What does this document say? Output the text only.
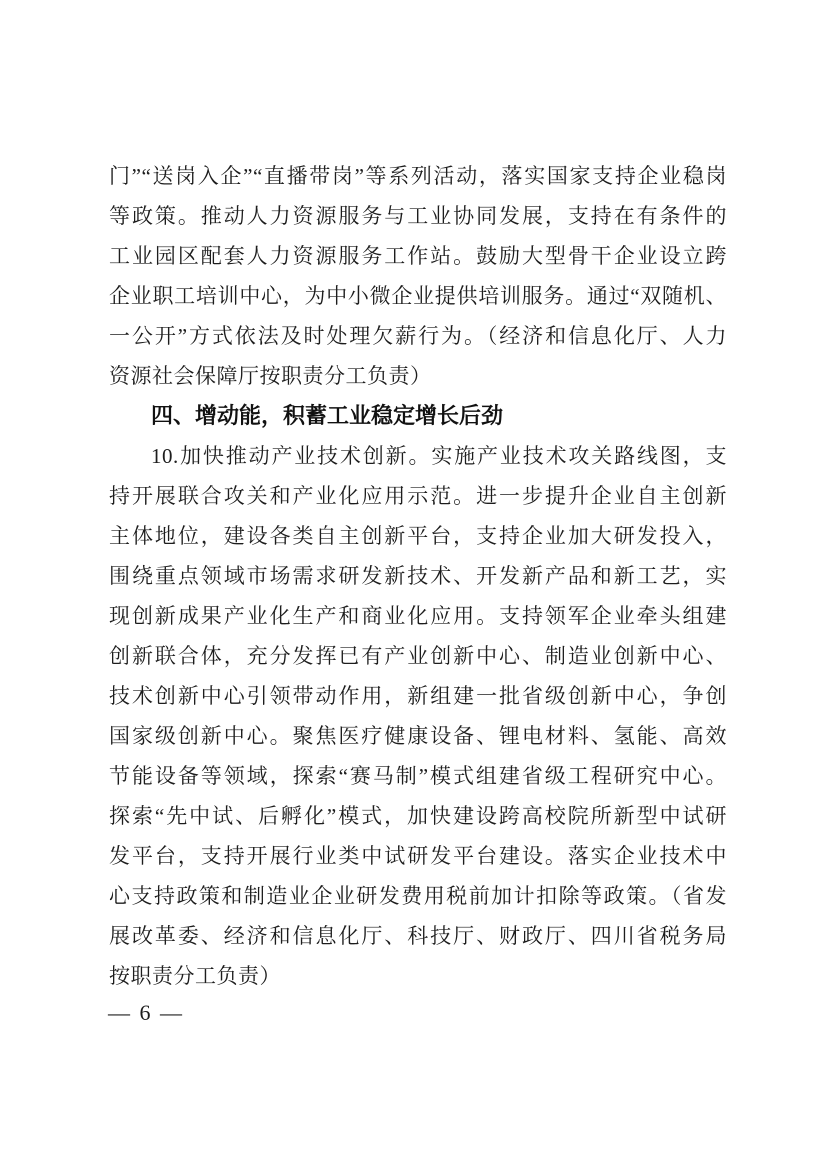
门”“送岗入企”“直播带岗”等系列活动，落实国家支持企业稳岗
等政策。推动人力资源服务与工业协同发展，支持在有条件的
工业园区配套人力资源服务工作站。鼓励大型骨干企业设立跨
企业职工培训中心，为中小微企业提供培训服务。通过“双随机、
一公开”方式依法及时处理欠薪行为。（经济和信息化厅、人力
资源社会保障厅按职责分工负责）
四、增动能，积蓄工业稳定增长后劲
10.加快推动产业技术创新。实施产业技术攻关路线图，支
持开展联合攻关和产业化应用示范。进一步提升企业自主创新
主体地位，建设各类自主创新平台，支持企业加大研发投入，
围绕重点领域市场需求研发新技术、开发新产品和新工艺，实
现创新成果产业化生产和商业化应用。支持领军企业牵头组建
创新联合体，充分发挥已有产业创新中心、制造业创新中心、
技术创新中心引领带动作用，新组建一批省级创新中心，争创
国家级创新中心。聚焦医疗健康设备、锂电材料、氢能、高效
节能设备等领域，探索“赛马制”模式组建省级工程研究中心。
探索“先中试、后孵化”模式，加快建设跨高校院所新型中试研
发平台，支持开展行业类中试研发平台建设。落实企业技术中
心支持政策和制造业企业研发费用税前加计扣除等政策。（省发
展改革委、经济和信息化厅、科技厅、财政厅、四川省税务局
按职责分工负责）
— 6 —
